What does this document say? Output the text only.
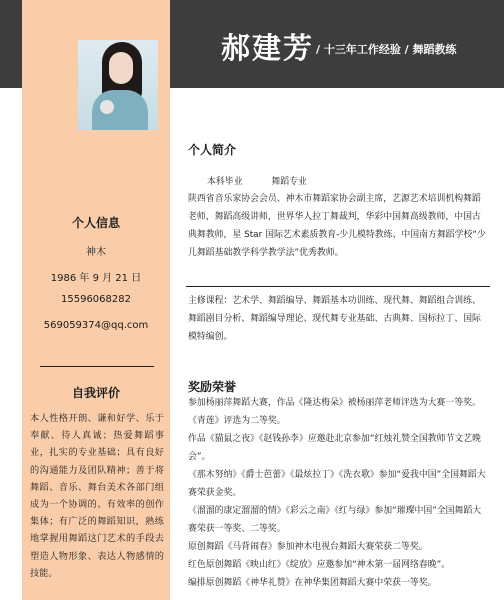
郝建芳 / 十三年工作经验 / 舞蹈教练
个人信息
神木
1986 年 9 月 21 日
15596068282
569059374@qq.com
自我评价
本人性格开朗、谦和好学、乐于奉献、待人真诚；热爱舞蹈事业，扎实的专业基础；具有良好的沟通能力及团队精神；善于将舞蹈、音乐、舞台美术各部门组成为一个协调的、有效率的创作集体；有广泛的舞蹈知识，熟练地掌握用舞蹈这门艺术的手段去塑造人物形象、表达人物感情的技能。
个人简介
本科毕业	舞蹈专业
陕西省音乐家协会会员、神木市舞蹈家协会副主席，艺源艺术培训机构舞蹈老师，舞蹈高级讲师，世界华人拉丁舞裁判，华彩中国舞高级教师，中国古典舞教师，星 Star 国际艺术素质教育-少儿模特教练、中国南方舞蹈学校“少儿舞蹈基础教学科学教学法”优秀教师。
主修课程：艺术学、舞蹈编导、舞蹈基本功训练、现代舞、舞蹈组合训练、舞蹈剧目分析、舞蹈编导理论、现代舞专业基础、古典舞、国标拉丁、国际模特编创。
奖励荣誉
参加杨丽萍舞蹈大赛，作品《隆达梅朵》被杨丽萍老师评选为大赛一等奖。《青莲》评选为二等奖。
作品《猫鼠之夜》《赵钱孙李》应邀赴北京参加“红烛礼赞全国教师节文艺晚会”。
《那木努纳》《爵士芭蕾》《最炫拉丁》《洗衣歌》参加“爱我中国”全国舞蹈大赛荣获金奖。
《溜溜的康定溜溜的情》《彩云之南》《红与绿》参加“璀璨中国”全国舞蹈大赛荣获一等奖、二等奖。
原创舞蹈《马背闹春》参加神木电视台舞蹈大赛荣获二等奖。
红色原创舞蹈《映山红》《绽放》应邀参加“神木第一届网络春晚”。
编排原创舞蹈《神华礼赞》在神华集团舞蹈大赛中荣获一等奖。
